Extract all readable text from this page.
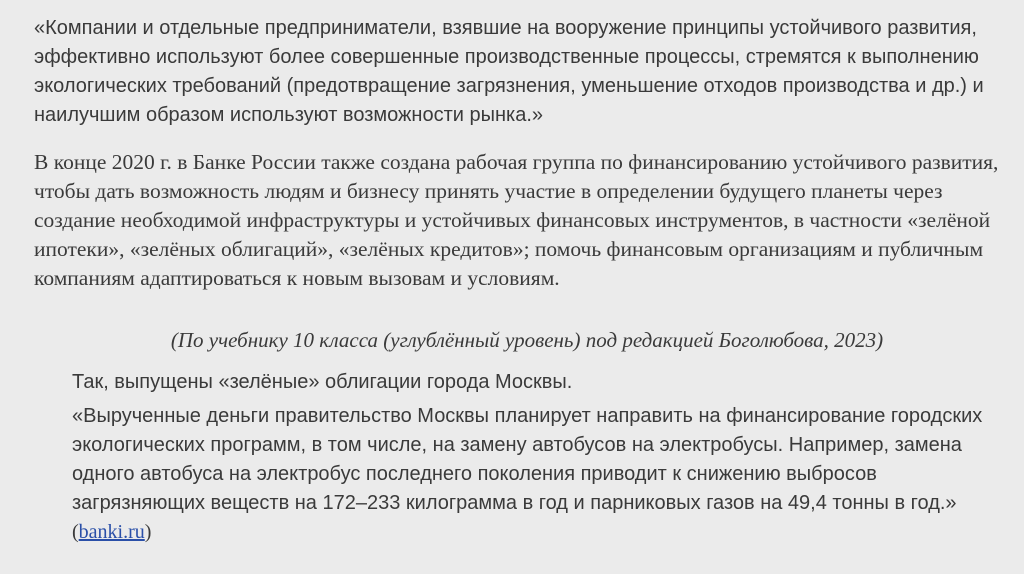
«Компании и отдельные предприниматели, взявшие на вооружение принципы устойчивого развития, эффективно используют более совершенные производственные процессы, стремятся к выполнению экологических требований (предотвращение загрязнения, уменьшение отходов производства и др.) и наилучшим образом используют возможности рынка.»

В конце 2020 г. в Банке России также создана рабочая группа по финансированию устойчивого развития, чтобы дать возможность людям и бизнесу принять участие в определении будущего планеты через создание необходимой инфраструктуры и устойчивых финансовых инструментов, в частности «зелёной ипотеки», «зелёных облигаций», «зелёных кредитов»; помочь финансовым организациям и публичным компаниям адаптироваться к новым вызовам и условиям.

(По учебнику 10 класса (углублённый уровень) под редакцией Боголюбова, 2023)

Так, выпущены «зелёные» облигации города Москвы.

«Вырученные деньги правительство Москвы планирует направить на финансирование городских экологических программ, в том числе, на замену автобусов на электробусы. Например, замена одного автобуса на электробус последнего поколения приводит к снижению выбросов загрязняющих веществ на 172–233 килограмма в год и парниковых газов на 49,4 тонны в год.» (banki.ru)
